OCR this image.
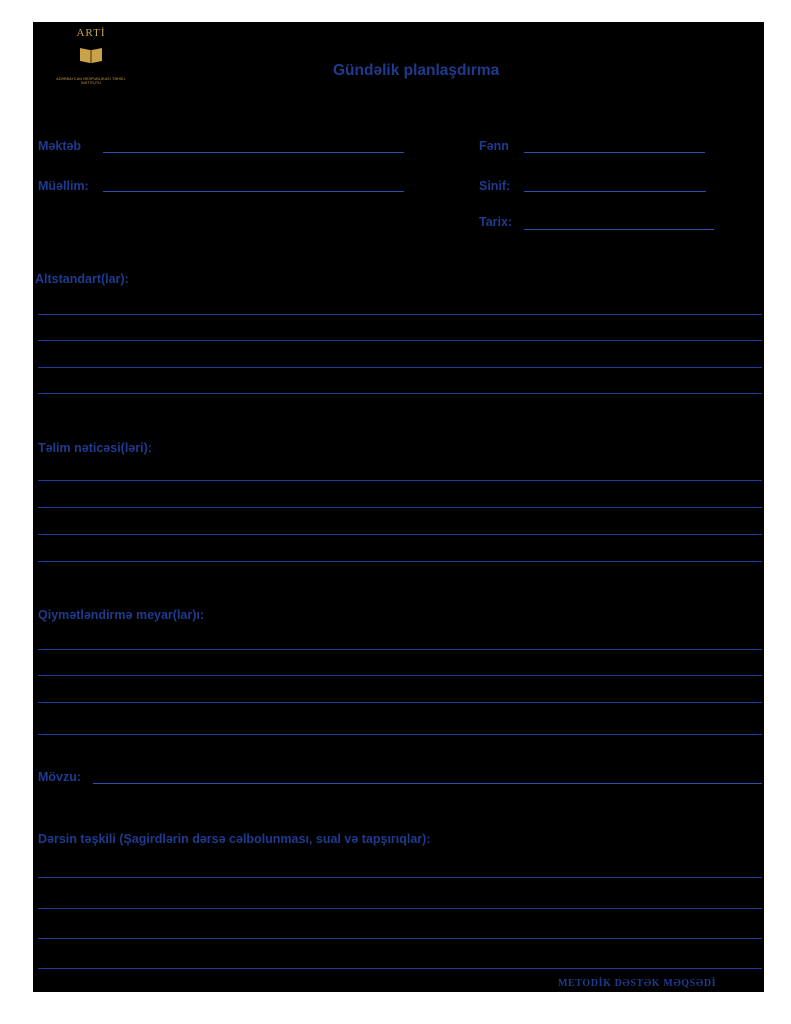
ARTİ
AZƏRBAYCAN RESPUBLİKASI TƏHSİL
İNSTİTUTU
Gündəlik planlaşdırma
Məktəb
Müəllim:
Fənn
Sinif:
Tarix:
Altstandart(lar):
Təlim nəticəsi(ləri):
Qiymətləndirmə meyar(lar)ı:
Mövzu:
Dərsin təşkili (Şagirdlərin dərsə cəlbolunması, sual və tapşırıqlar):
METODİK DƏSTƏK MƏQSƏDİ
